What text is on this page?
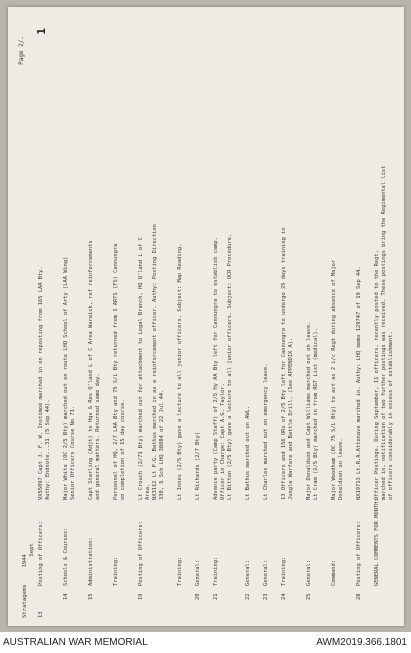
Page 2/.
1
Stratagems  1944
Sept
13Posting of Officers:VX55097 Capt J. F. W. Instimoè marched in on reposting from 165 LAA Bty. Authy: Endnote...31 (5 Sep 44).
14Schools & Courses:Major White (OC 2/5 Bty) marched out en route LHQ School of Arty (LAA Wing) Senior Officers Course No 71.
15Administration:Capt Starling (Adjt) to Hqs & Res Q'land L of C Area Warwick, ref reinforcements and general matters. Returned same day.
Training:Personnel of HQ, 2/7 LAA Bty and 75 S/L Bty returned from 1 ARTS (FS) Cannungra on completion of 15 day course.
19Posting of Officers:Lt Crouch (2/71 Bty) marched out for attachment to Legal Branch, HQ Q'land L of C Area. NX3112 Lt P.G. Bathus marched in as a reinforcement officer. Authy: Posting Direction 330, 5 Sch LHQ 38084 of 22 Jul 44.
Training:Lt Innes (2/5 Bty) gave a lecture to all junior officers. Subject: Map Reading.
20General:Lt Richards (2/7 Bty)
21Training:Advance party (Camp Staff) of 2/5 Hy AA Bty left for Cannungra to establish camp. Officer in Charge: Capt A.G. Taylor. Lt Bitton (2/5 Bty) gave a lecture to all junior officers. Subject: OCR Procedure.
22General:Lt Bathus marched out on AWL.
23General:Lt Charles marched out on emergency leave.
24Training:13 Officers and 156 ORs of 2/5 Bty left for Cannungra to undergo 25 days training in Jungle Warfare and Battle Drill. (See APPENDIX A).
25General:Major Donaldson and Capt Williams marched out on leave. Lt Cram (2/5 Bty) marched in from RGT List (medical).
Command:Major Woodham (OC 75 S/L Bty) to act as 2 i/c Regt during absence of Major Donaldson on leave.
28Posting of Officers:NX19713 Lt.R.A.Attenave marched in. Authy: LHQ memo 129747 of 19 Sep 44.
GENERAL COMMENTS FOR MONTH:Officer Postings. During September, 11 officers, recently posted to the Regt, marched in, notification of two further postings was received. These postings bring the Regimental list of officers considerably in excess of establishment.
AUSTRALIAN WAR MEMORIAL	AWM2019.366.1801
